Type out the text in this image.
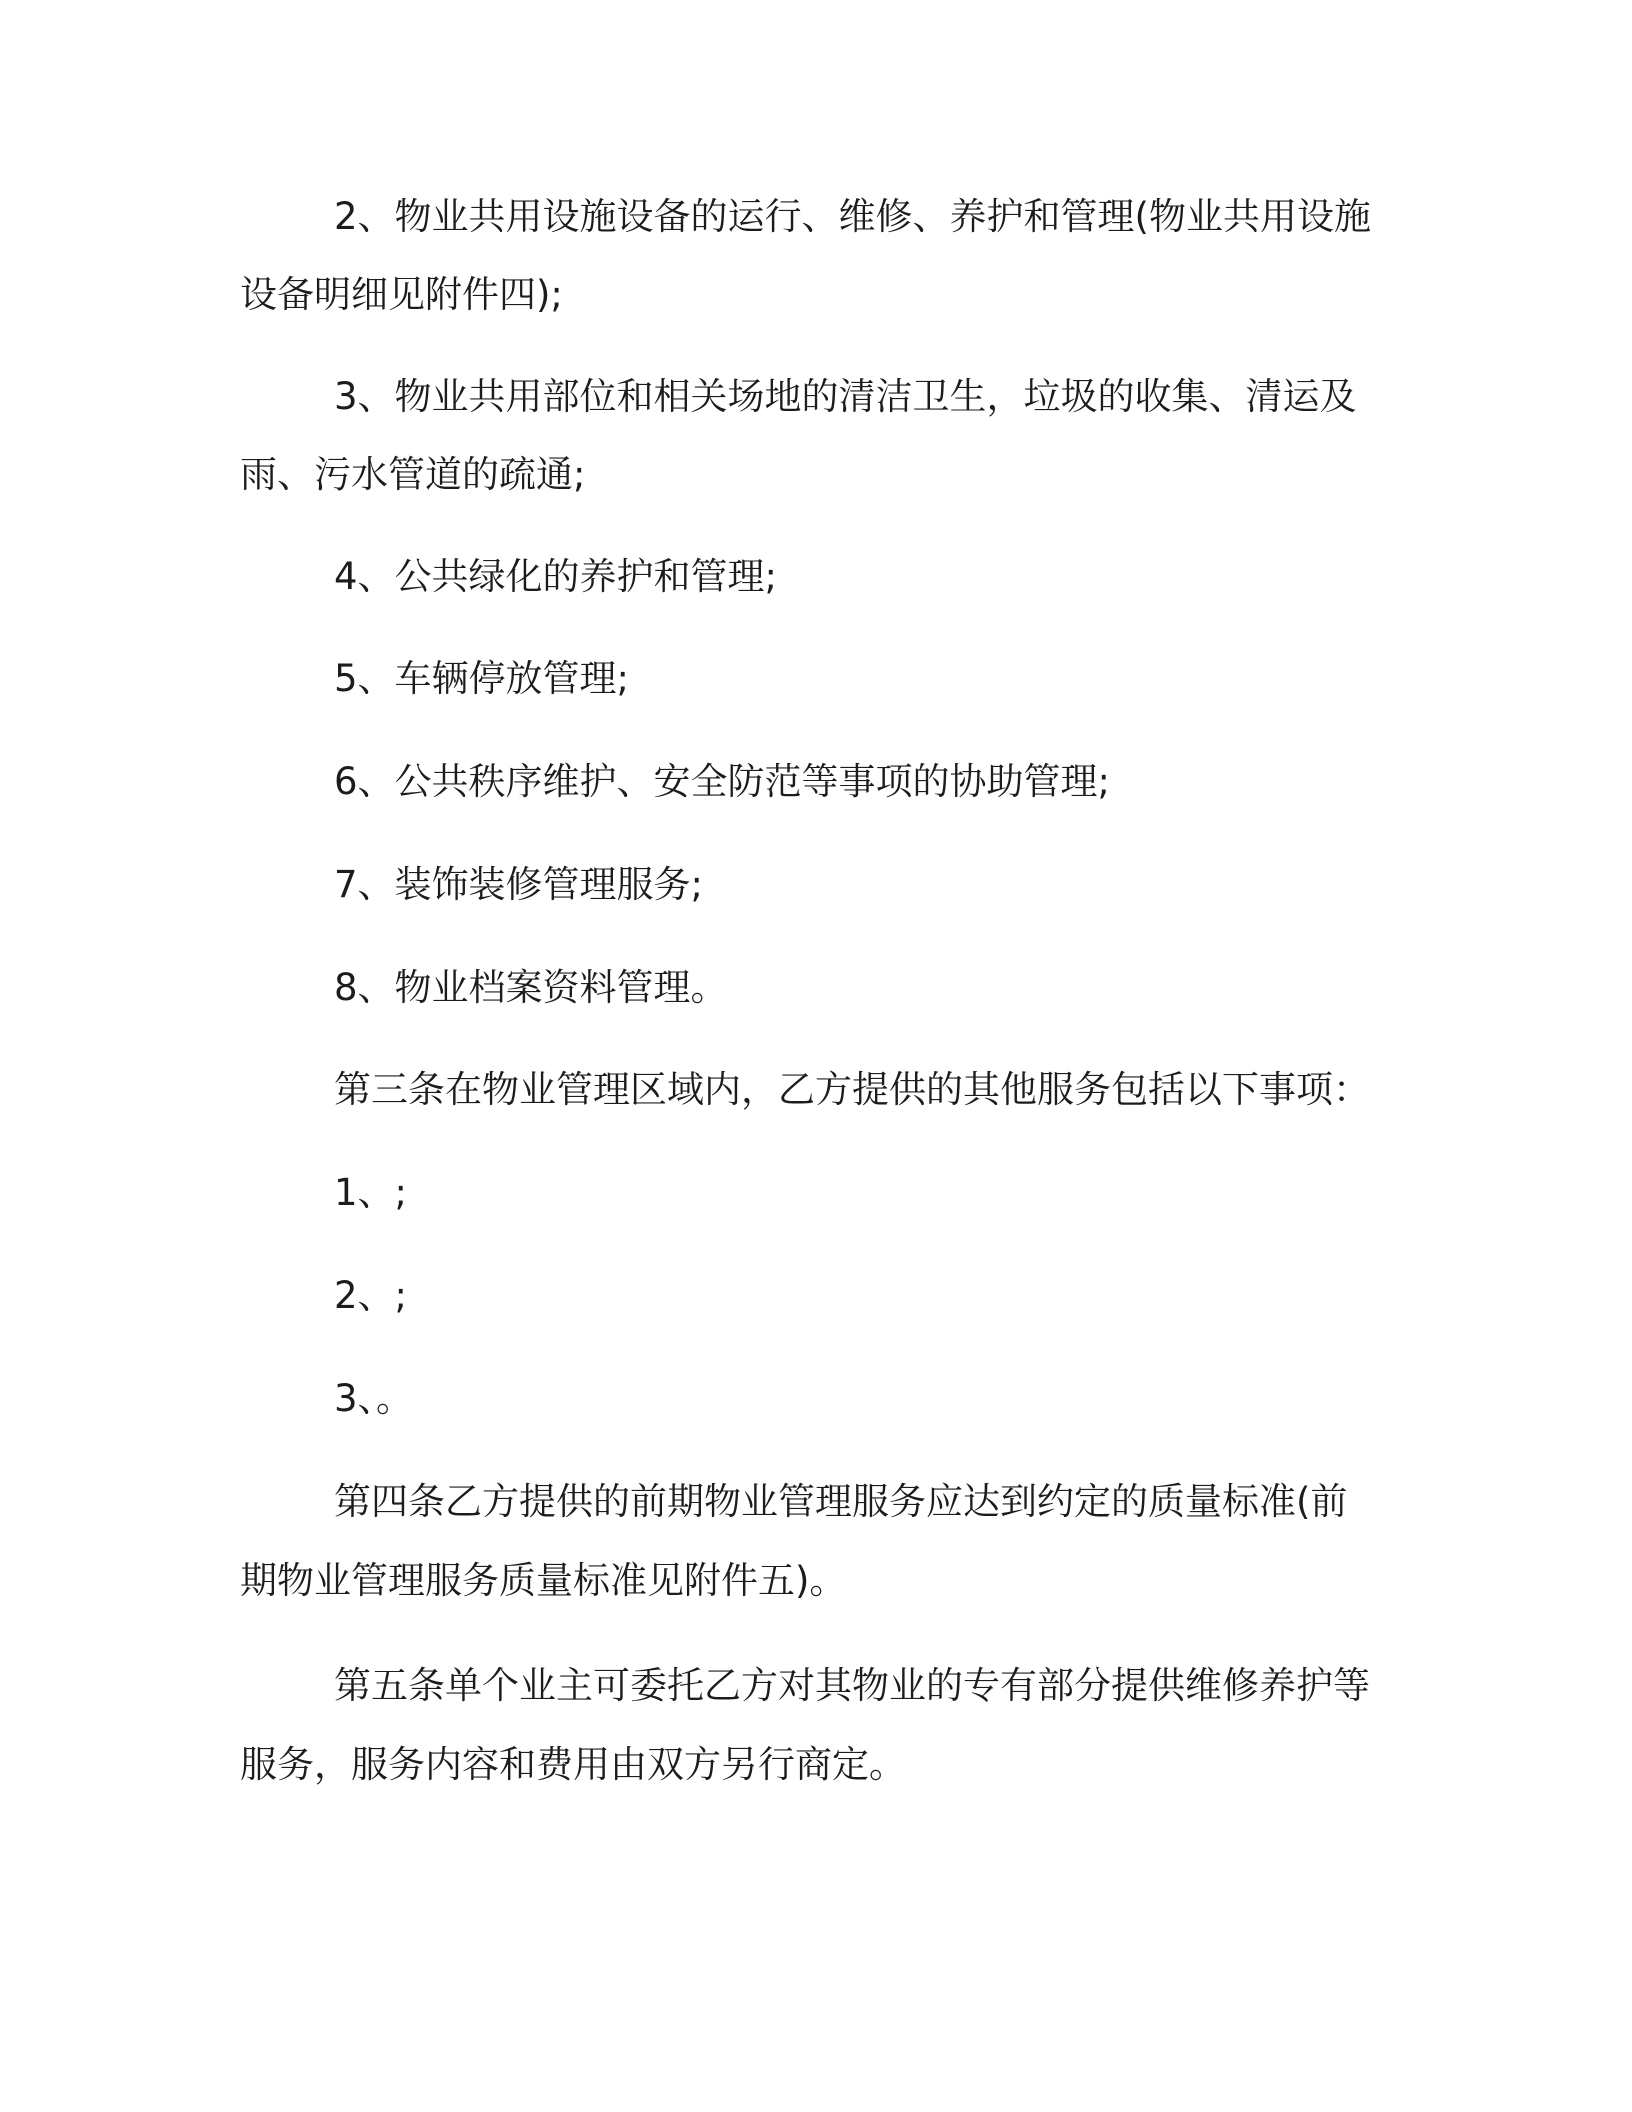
2、物业共用设施设备的运行、维修、养护和管理(物业共用设施
设备明细见附件四);
3、物业共用部位和相关场地的清洁卫生，垃圾的收集、清运及
雨、污水管道的疏通;
4、公共绿化的养护和管理;
5、车辆停放管理;
6、公共秩序维护、安全防范等事项的协助管理;
7、装饰装修管理服务;
8、物业档案资料管理。
第三条在物业管理区域内，乙方提供的其他服务包括以下事项：
1、;
2、;
3、。
第四条乙方提供的前期物业管理服务应达到约定的质量标准(前
期物业管理服务质量标准见附件五)。
第五条单个业主可委托乙方对其物业的专有部分提供维修养护等
服务，服务内容和费用由双方另行商定。
